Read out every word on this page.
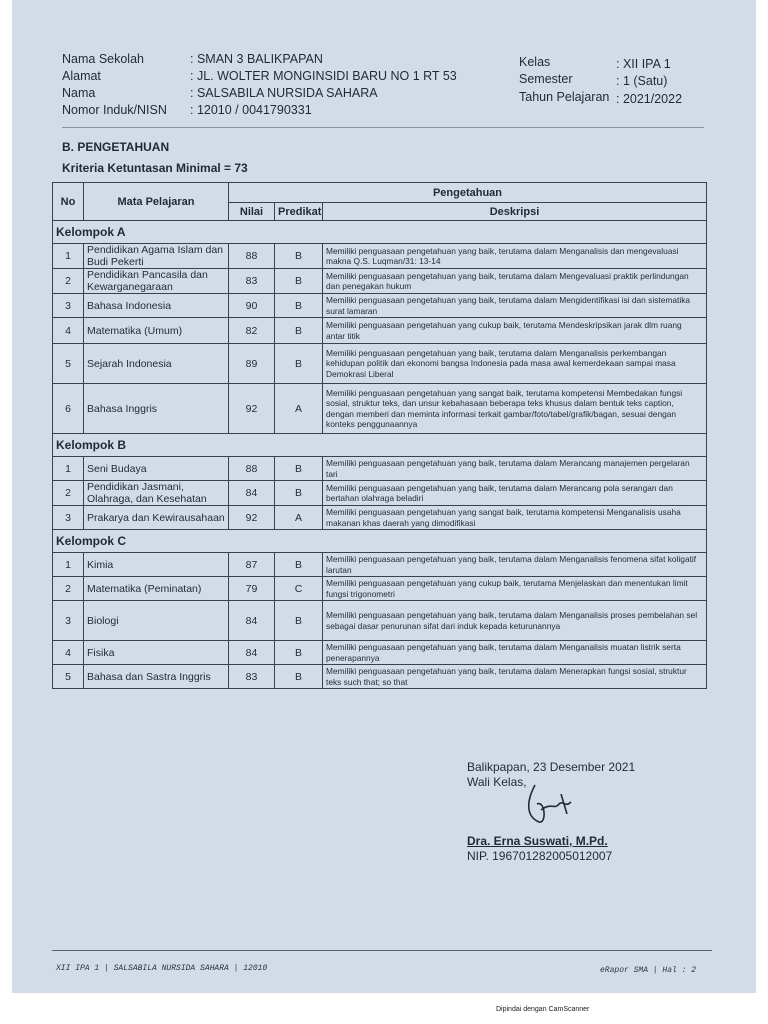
Nama Sekolah	: SMAN 3 BALIKPAPAN
Alamat	: JL. WOLTER MONGINSIDI BARU NO 1 RT 53
Nama	: SALSABILA NURSIDA SAHARA
Nomor Induk/NISN : 12010 / 0041790331
Kelas	: XII IPA 1
Semester	: 1 (Satu)
Tahun Pelajaran : 2021/2022
B. PENGETAHUAN
Kriteria Ketuntasan Minimal = 73
No	Mata Pelajaran	Pengetahuan		
		Nilai	Predikat	Deskripsi
Kelompok A				
1	Pendidikan Agama Islam dan Budi Pekerti	88	B	Memiliki penguasaan pengetahuan yang baik, terutama dalam Menganalisis dan mengevaluasi makna Q.S. Luqman/31: 13-14
2	Pendidikan Pancasila dan Kewarganegaraan	83	B	Memiliki penguasaan pengetahuan yang baik, terutama dalam Mengevaluasi praktik perlindungan dan penegakan hukum
3	Bahasa Indonesia	90	B	Memiliki penguasaan pengetahuan yang baik, terutama dalam Mengidentifikasi isi dan sistematika surat lamaran
4	Matematika (Umum)	82	B	Memiliki penguasaan pengetahuan yang cukup baik, terutama Mendeskripsikan jarak dlm ruang antar titik
5	Sejarah Indonesia	89	B	Memiliki penguasaan pengetahuan yang baik, terutama dalam Menganalisis perkembangan kehidupan politik dan ekonomi bangsa Indonesia pada masa awal kemerdekaan sampai masa Demokrasi Liberal
6	Bahasa Inggris	92	A	Memiliki penguasaan pengetahuan yang sangat baik, terutama kompetensi Membedakan fungsi sosial, struktur teks, dan unsur kebahasaan beberapa teks khusus dalam bentuk teks caption, dengan memberi dan meminta informasi terkait gambar/foto/tabel/grafik/bagan, sesuai dengan konteks penggunaannya
Kelompok B				
1	Seni Budaya	88	B	Memiliki penguasaan pengetahuan yang baik, terutama dalam Merancang manajemen pergelaran tari
2	Pendidikan Jasmani, Olahraga, dan Kesehatan	84	B	Memiliki penguasaan pengetahuan yang baik, terutama dalam Merancang pola serangan dan bertahan olahraga beladiri
3	Prakarya dan Kewirausahaan	92	A	Memiliki penguasaan pengetahuan yang sangat baik, terutama kompetensi Menganalisis usaha makanan khas daerah yang dimodifikasi
Kelompok C				
1	Kimia	87	B	Memiliki penguasaan pengetahuan yang baik, terutama dalam Menganalisis fenomena sifat koligatif larutan
2	Matematika (Peminatan)	79	C	Memiliki penguasaan pengetahuan yang cukup baik, terutama Menjelaskan dan menentukan limit fungsi trigonometri
3	Biologi	84	B	Memiliki penguasaan pengetahuan yang baik, terutama dalam Menganalisis proses pembelahan sel sebagai dasar penurunan sifat dari induk kepada keturunannya
4	Fisika	84	B	Memiliki penguasaan pengetahuan yang baik, terutama dalam Menganalisis muatan listrik serta penerapannya
5	Bahasa dan Sastra Inggris	83	B	Memiliki penguasaan pengetahuan yang baik, terutama dalam Menerapkan fungsi sosial, struktur teks such that; so that
Balikpapan, 23 Desember 2021
Wali Kelas,
Dra. Erna Suswati, M.Pd.
NIP. 196701282005012007
XII IPA 1 | SALSABILA NURSIDA SAHARA | 12010	eRapor SMA | Hal : 2
Dipindai dengan CamScanner
